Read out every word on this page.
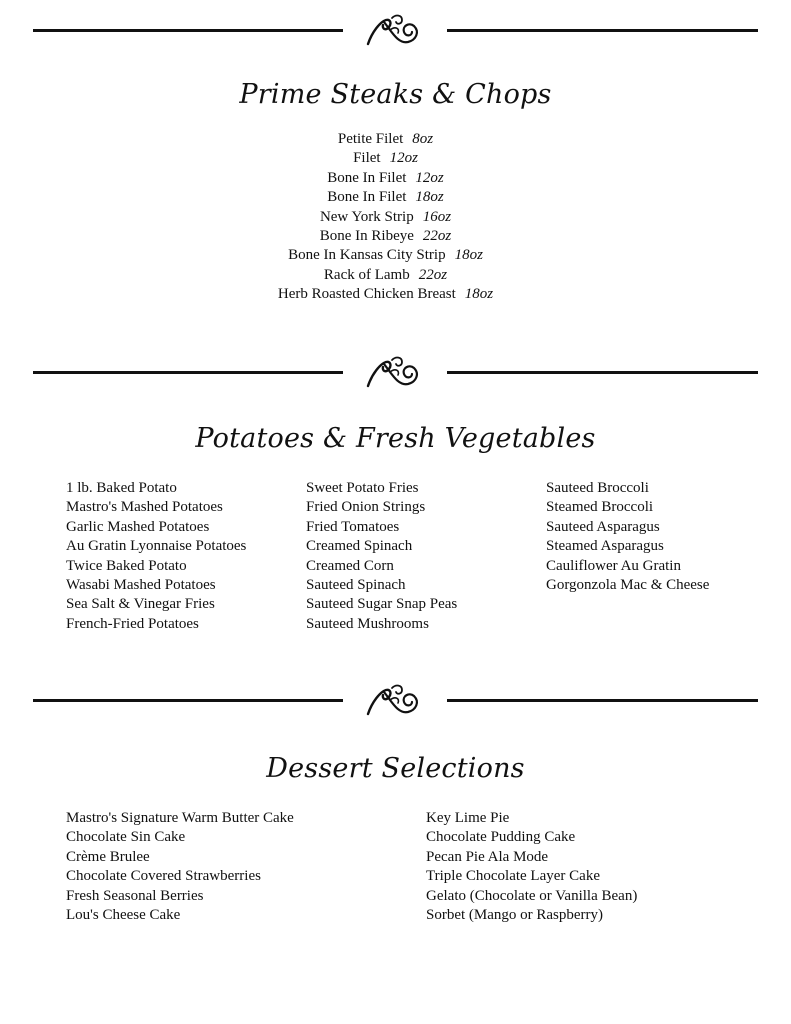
Prime Steaks & Chops
Petite Filet 8oz
Filet 12oz
Bone In Filet 12oz
Bone In Filet 18oz
New York Strip 16oz
Bone In Ribeye 22oz
Bone In Kansas City Strip 18oz
Rack of Lamb 22oz
Herb Roasted Chicken Breast 18oz
Potatoes & Fresh Vegetables
1 lb. Baked Potato
Mastro's Mashed Potatoes
Garlic Mashed Potatoes
Au Gratin Lyonnaise Potatoes
Twice Baked Potato
Wasabi Mashed Potatoes
Sea Salt & Vinegar Fries
French-Fried Potatoes
Sweet Potato Fries
Fried Onion Strings
Fried Tomatoes
Creamed Spinach
Creamed Corn
Sauteed Spinach
Sauteed Sugar Snap Peas
Sauteed Mushrooms
Sauteed Broccoli
Steamed Broccoli
Sauteed Asparagus
Steamed Asparagus
Cauliflower Au Gratin
Gorgonzola Mac & Cheese
Dessert Selections
Mastro's Signature Warm Butter Cake
Chocolate Sin Cake
Crème Brulee
Chocolate Covered Strawberries
Fresh Seasonal Berries
Lou's Cheese Cake
Key Lime Pie
Chocolate Pudding Cake
Pecan Pie Ala Mode
Triple Chocolate Layer Cake
Gelato (Chocolate or Vanilla Bean)
Sorbet (Mango or Raspberry)
